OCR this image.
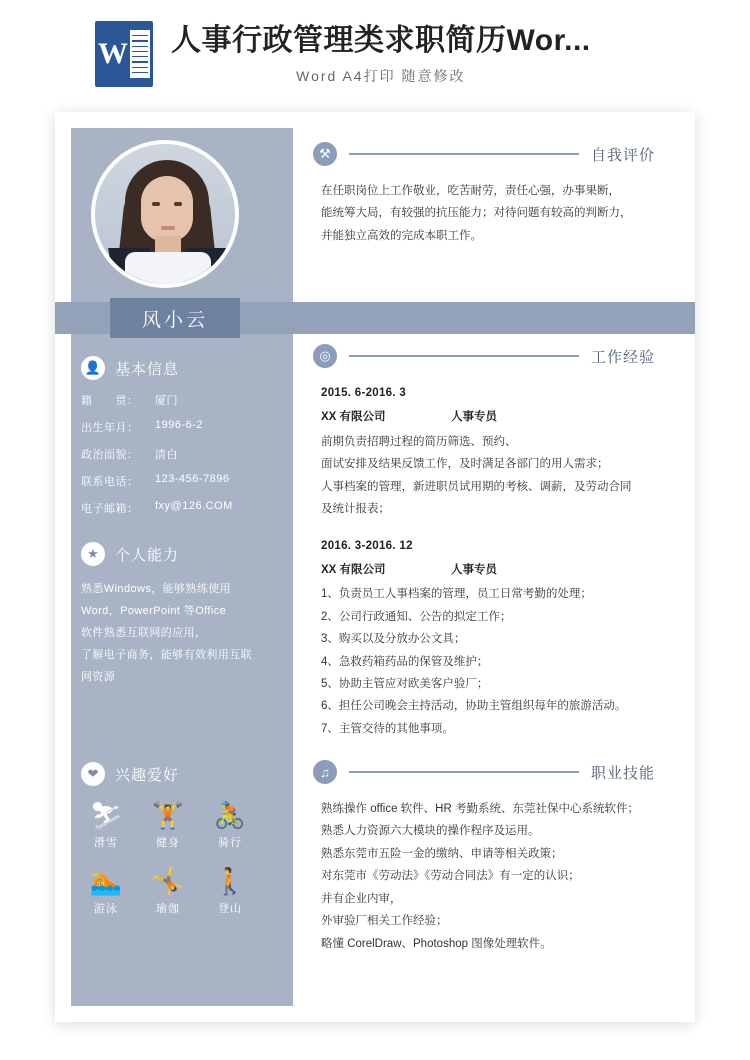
W 人事行政管理类求职简历Wor...
Word A4打印 随意修改
风小云
👤 基本信息
籍　　贯：	厦门
出生年月：	1996-6-2
政治面貌：	清白
联系电话：	123-456-7896
电子邮箱：	fxy@126.COM
★	个人能力
熟悉Windows，能够熟练使用
Word，PowerPoint 等Office
软件熟悉互联网的应用，
了解电子商务，能够有效利用互联
网资源
❤	兴趣爱好
⛷
滑雪
🏋
健身
🚴
骑行
🏊
游泳
🤸
瑜伽
🚶
登山
⚒	自我评价
在任职岗位上工作敬业，吃苦耐劳，责任心强，办事果断，
能统筹大局，有较强的抗压能力；对待问题有较高的判断力，
并能独立高效的完成本职工作。
◎	工作经验
2015. 6-2016. 3
XX 有限公司	人事专员
前期负责招聘过程的简历筛选、预约、
面试安排及结果反馈工作，及时满足各部门的用人需求；
人事档案的管理，新进职员试用期的考核、调薪，及劳动合同
及统计报表；
2016. 3-2016. 12
XX 有限公司	人事专员
1、负责员工人事档案的管理，员工日常考勤的处理；
2、公司行政通知、公告的拟定工作；
3、购买以及分放办公文具；
4、急救药箱药品的保管及维护；
5、协助主管应对欧美客户验厂；
6、担任公司晚会主持活动，协助主管组织每年的旅游活动。
7、主管交待的其他事项。
♫	职业技能
熟练操作 office 软件、HR 考勤系统、东莞社保中心系统软件；
熟悉人力资源六大模块的操作程序及运用。
熟悉东莞市五险一金的缴纳、申请等相关政策；
对东莞市《劳动法》《劳动合同法》有一定的认识；
并有企业内审，
外审验厂相关工作经验；
略懂 CorelDraw、Photoshop 图像处理软件。
